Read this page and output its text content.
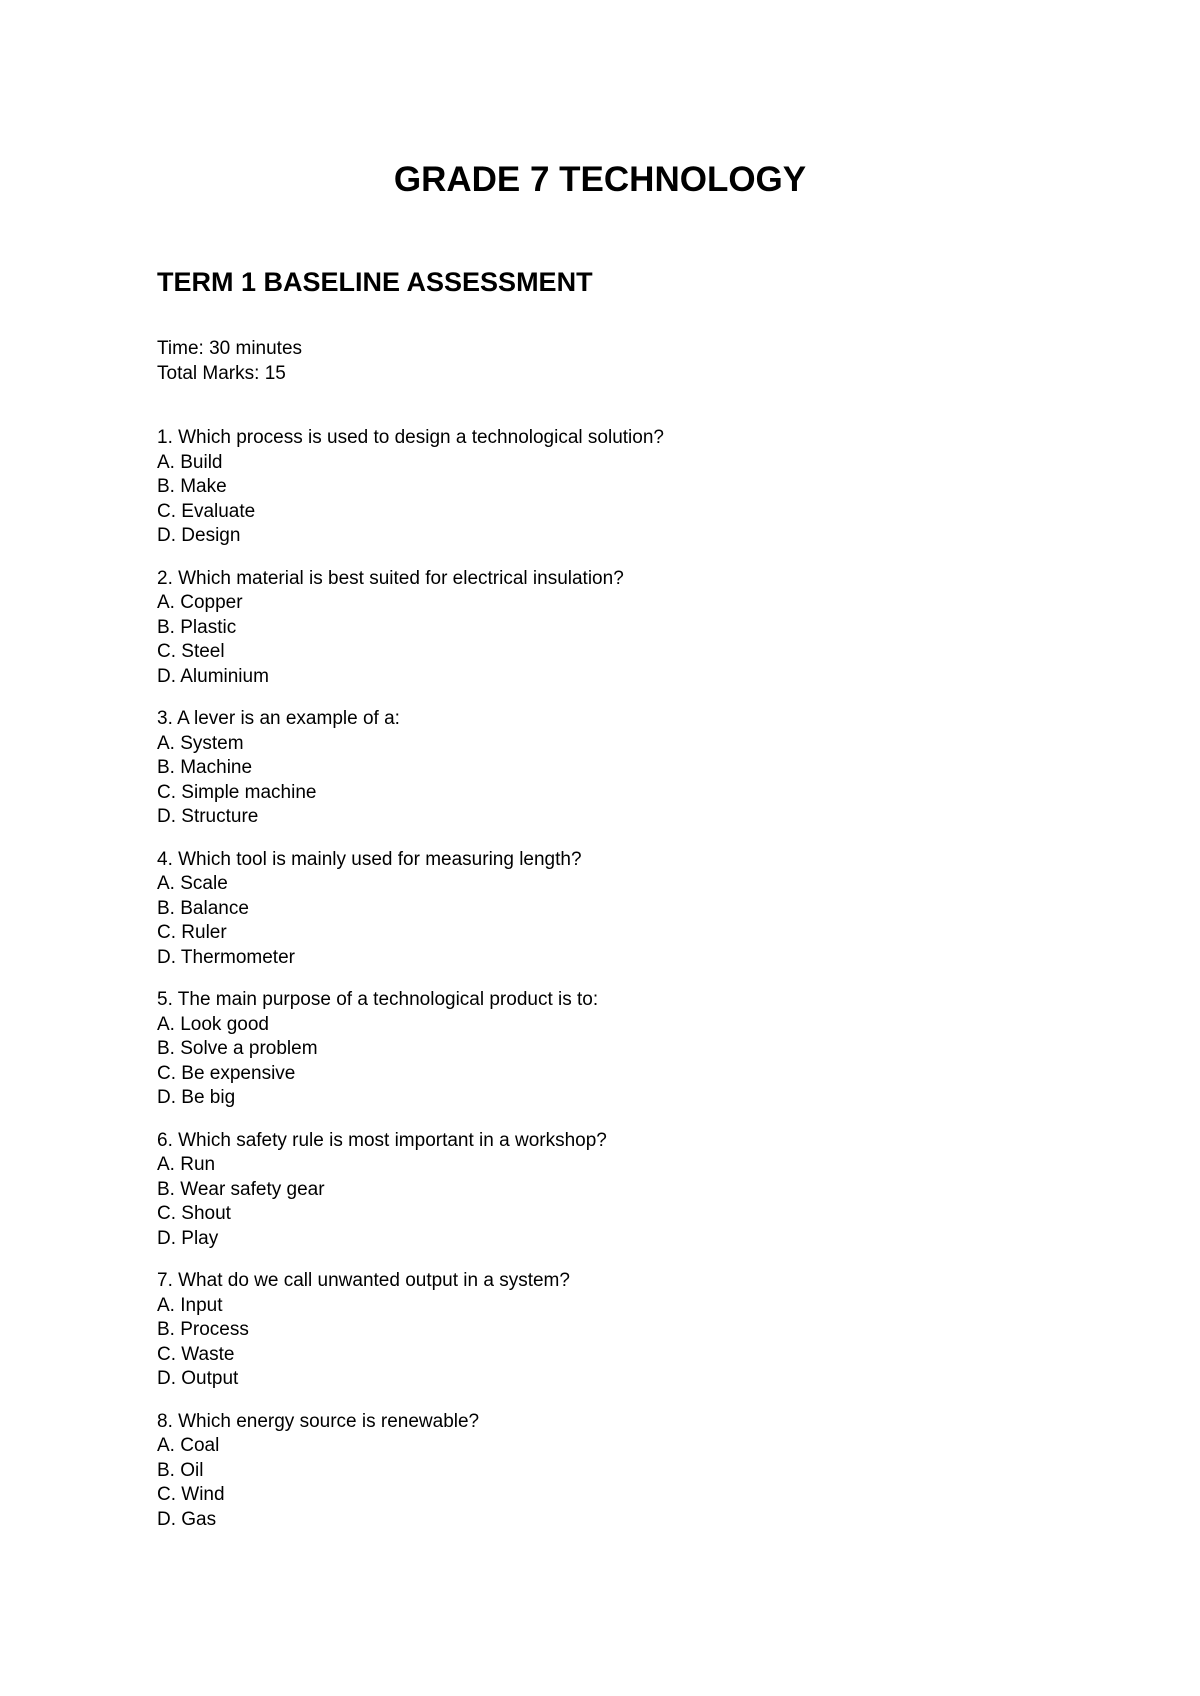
GRADE 7 TECHNOLOGY
TERM 1 BASELINE ASSESSMENT
Time: 30 minutes
Total Marks: 15
1. Which process is used to design a technological solution?
A. Build
B. Make
C. Evaluate
D. Design
2. Which material is best suited for electrical insulation?
A. Copper
B. Plastic
C. Steel
D. Aluminium
3. A lever is an example of a:
A. System
B. Machine
C. Simple machine
D. Structure
4. Which tool is mainly used for measuring length?
A. Scale
B. Balance
C. Ruler
D. Thermometer
5. The main purpose of a technological product is to:
A. Look good
B. Solve a problem
C. Be expensive
D. Be big
6. Which safety rule is most important in a workshop?
A. Run
B. Wear safety gear
C. Shout
D. Play
7. What do we call unwanted output in a system?
A. Input
B. Process
C. Waste
D. Output
8. Which energy source is renewable?
A. Coal
B. Oil
C. Wind
D. Gas
